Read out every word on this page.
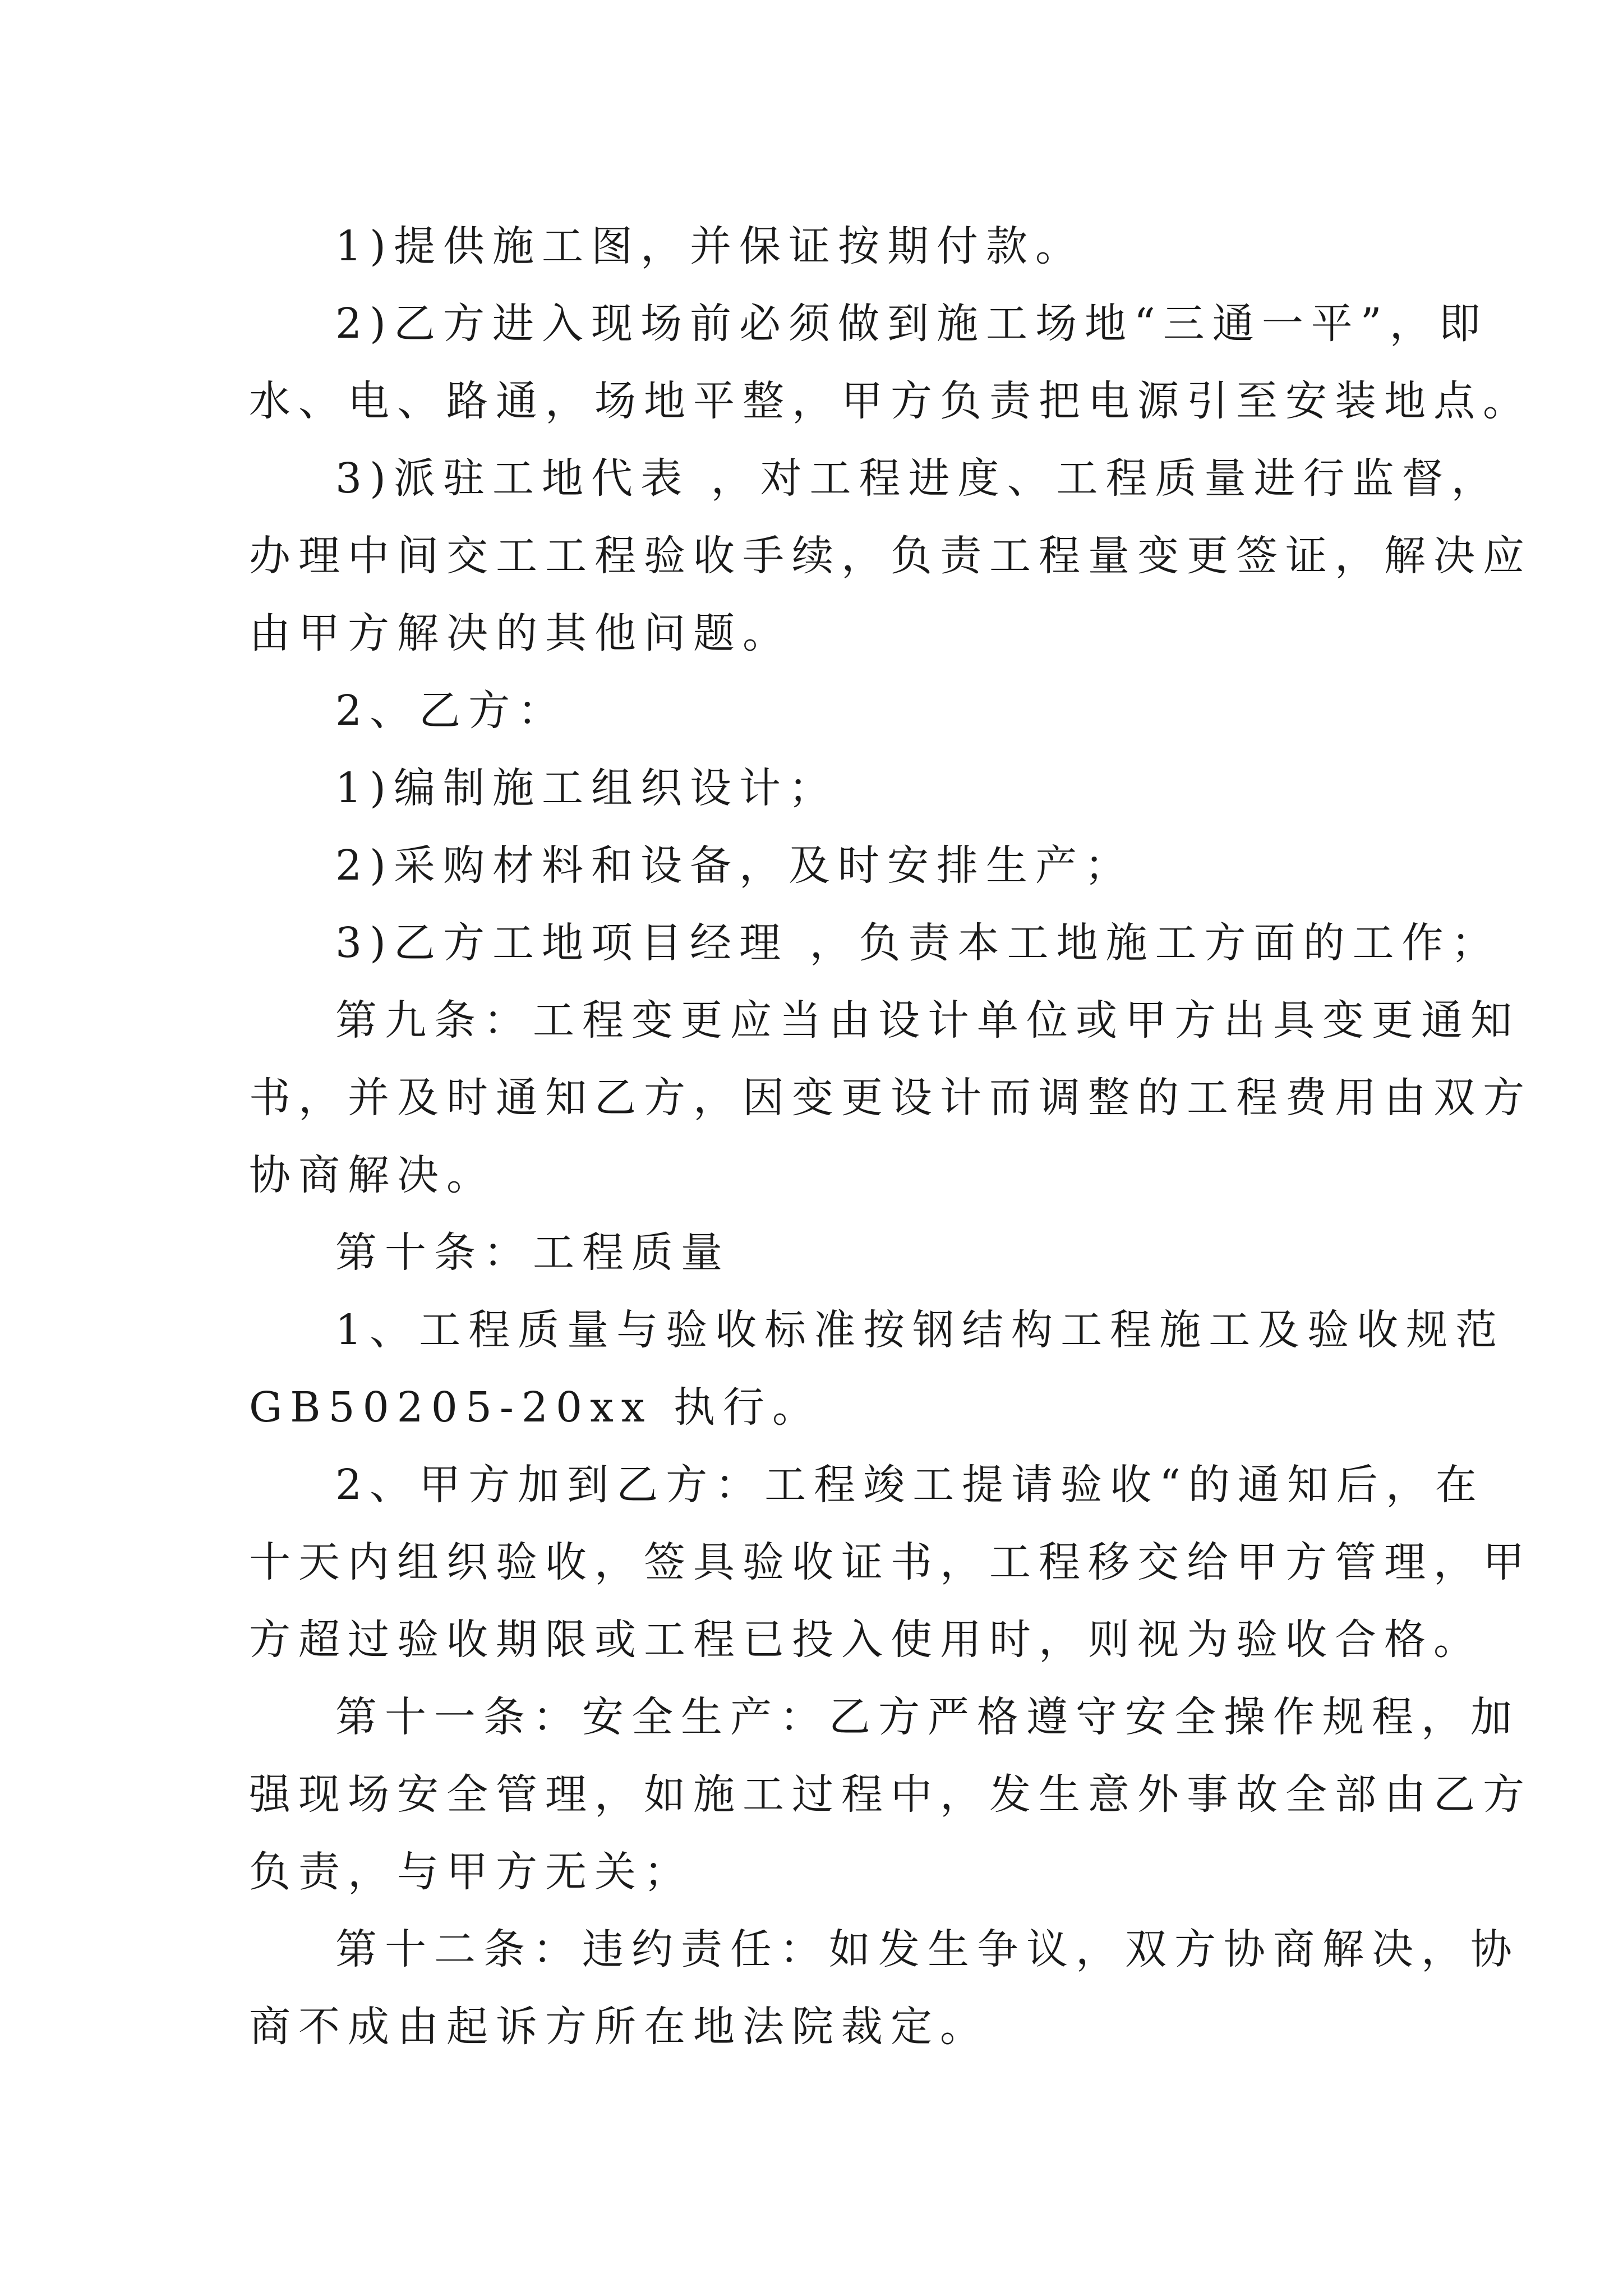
1)提供施工图，并保证按期付款。
2)乙方进入现场前必须做到施工场地“三通一平”，即
水、电、路通，场地平整，甲方负责把电源引至安装地点。
3)派驻工地代表 ，对工程进度、工程质量进行监督，
办理中间交工工程验收手续，负责工程量变更签证，解决应
由甲方解决的其他问题。
2、乙方：
1)编制施工组织设计；
2)采购材料和设备，及时安排生产；
3)乙方工地项目经理 ，负责本工地施工方面的工作；
第九条：工程变更应当由设计单位或甲方出具变更通知
书，并及时通知乙方，因变更设计而调整的工程费用由双方
协商解决。
第十条：工程质量
1、工程质量与验收标准按钢结构工程施工及验收规范
GB50205-20xx 执行。
2、甲方加到乙方：工程竣工提请验收“的通知后，在
十天内组织验收，签具验收证书，工程移交给甲方管理，甲
方超过验收期限或工程已投入使用时，则视为验收合格。
第十一条：安全生产：乙方严格遵守安全操作规程，加
强现场安全管理，如施工过程中，发生意外事故全部由乙方
负责，与甲方无关；
第十二条：违约责任：如发生争议，双方协商解决，协
商不成由起诉方所在地法院裁定。
